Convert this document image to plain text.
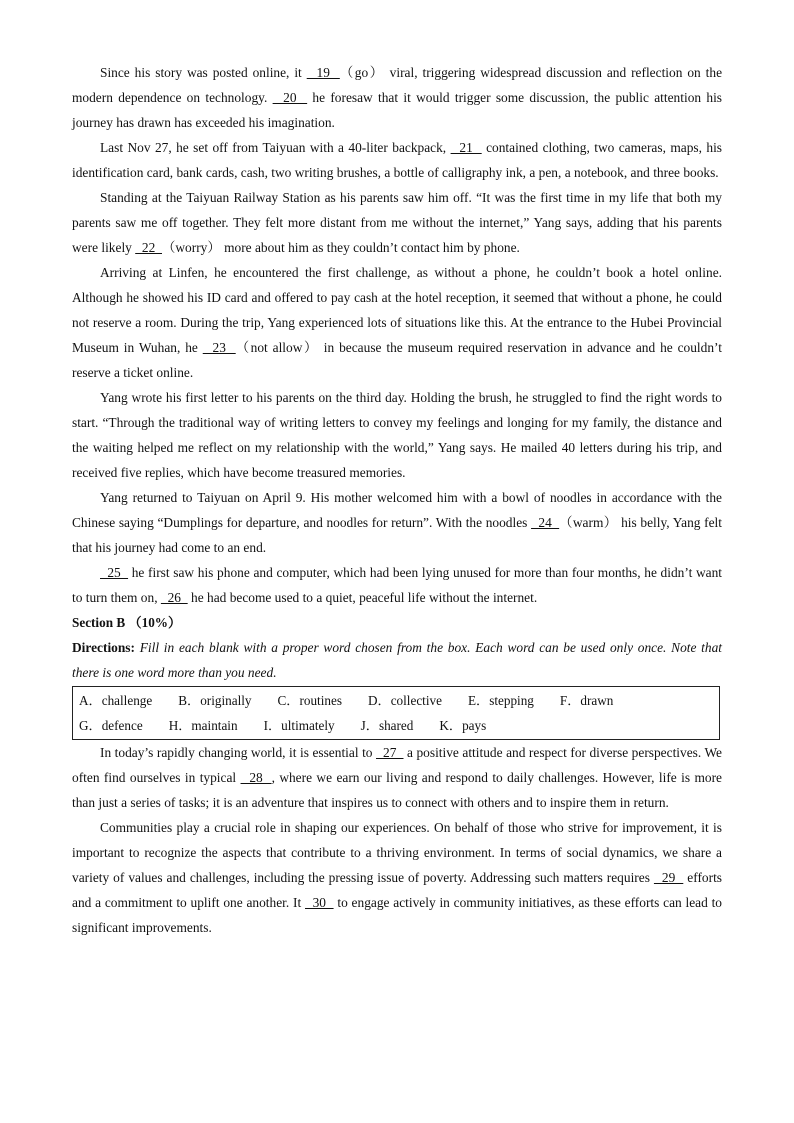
Since his story was posted online, it   19  （go） viral, triggering widespread discussion and reflection on the modern dependence on technology.   20   he foresaw that it would trigger some discussion, the public attention his journey has drawn has exceeded his imagination.

Last Nov 27, he set off from Taiyuan with a 40-liter backpack,   21   contained clothing, two cameras, maps, his identification card, bank cards, cash, two writing brushes, a bottle of calligraphy ink, a pen, a notebook, and three books.

Standing at the Taiyuan Railway Station as his parents saw him off. “It was the first time in my life that both my parents saw me off together. They felt more distant from me without the internet,” Yang says, adding that his parents were likely   22  （worry） more about him as they couldn’t contact him by phone.

Arriving at Linfen, he encountered the first challenge, as without a phone, he couldn’t book a hotel online. Although he showed his ID card and offered to pay cash at the hotel reception, it seemed that without a phone, he could not reserve a room. During the trip, Yang experienced lots of situations like this. At the entrance to the Hubei Provincial Museum in Wuhan, he   23  （not allow） in because the museum required reservation in advance and he couldn’t reserve a ticket online.

Yang wrote his first letter to his parents on the third day. Holding the brush, he struggled to find the right words to start. “Through the traditional way of writing letters to convey my feelings and longing for my family, the distance and the waiting helped me reflect on my relationship with the world,” Yang says. He mailed 40 letters during his trip, and received five replies, which have become treasured memories.

Yang returned to Taiyuan on April 9. His mother welcomed him with a bowl of noodles in accordance with the Chinese saying “Dumplings for departure, and noodles for return”. With the noodles   24  （warm） his belly, Yang felt that his journey had come to an end.

25   he first saw his phone and computer, which had been lying unused for more than four months, he didn’t want to turn them on,   26   he had become used to a quiet, peaceful life without the internet.

Section B （10%）

Directions: Fill in each blank with a proper word chosen from the box. Each word can be used only once. Note that there is one word more than you need.

A．challenge B．originally C．routines D．collective E．stepping F．drawn
G．defence H．maintain I．ultimately J．shared K．pays

In today’s rapidly changing world, it is essential to   27   a positive attitude and respect for diverse perspectives. We often find ourselves in typical   28  , where we earn our living and respond to daily challenges. However, life is more than just a series of tasks; it is an adventure that inspires us to connect with others and to inspire them in return.

Communities play a crucial role in shaping our experiences. On behalf of those who strive for improvement, it is important to recognize the aspects that contribute to a thriving environment. In terms of social dynamics, we share a variety of values and challenges, including the pressing issue of poverty. Addressing such matters requires   29   efforts and a commitment to uplift one another. It   30   to engage actively in community initiatives, as these efforts can lead to significant improvements.
